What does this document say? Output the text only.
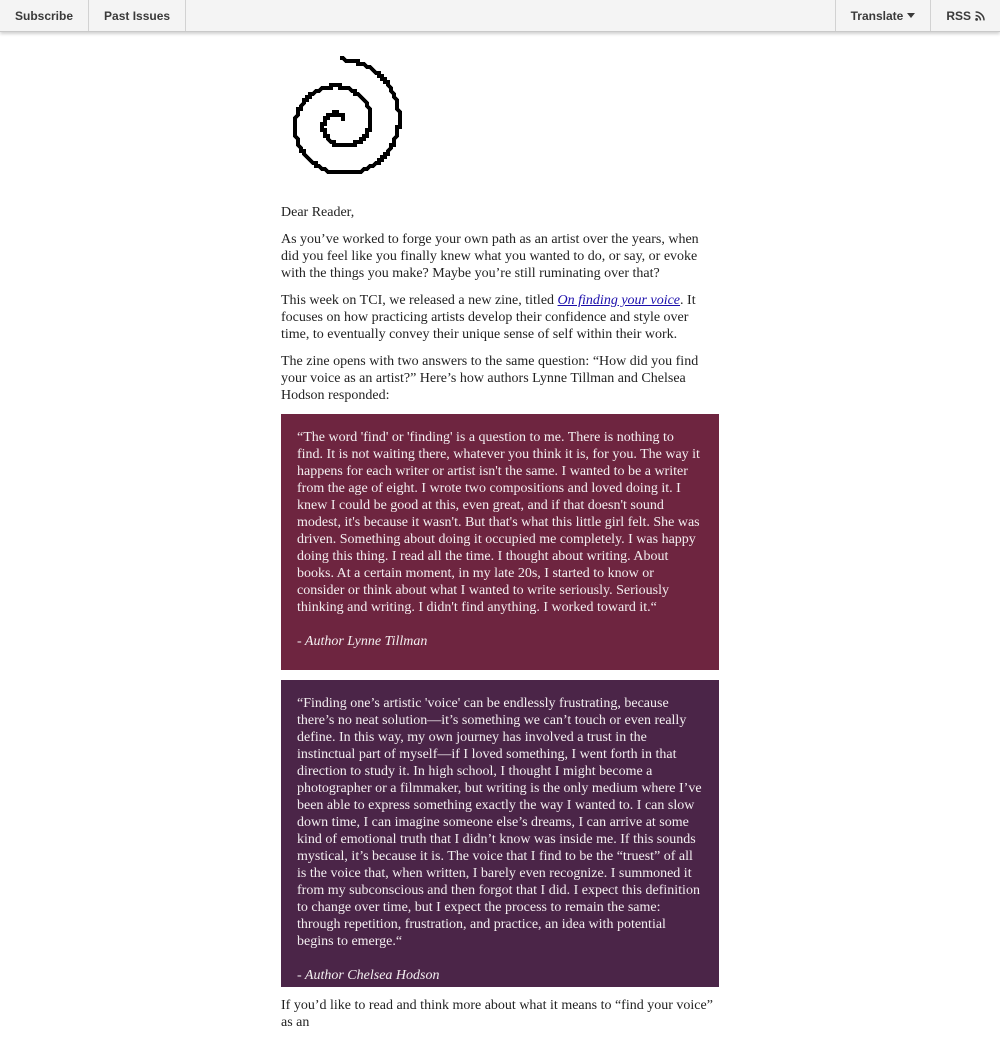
Subscribe	Past Issues	Translate	RSS

Dear Reader,

As you’ve worked to forge your own path as an artist over the years, when did you feel like you finally knew what you wanted to do, or say, or evoke with the things you make? Maybe you’re still ruminating over that?

This week on TCI, we released a new zine, titled On finding your voice. It focuses on how practicing artists develop their confidence and style over time, to eventually convey their unique sense of self within their work.

The zine opens with two answers to the same question: “How did you find your voice as an artist?” Here’s how authors Lynne Tillman and Chelsea Hodson responded:

“The word 'find' or 'finding' is a question to me. There is nothing to find. It is not waiting there, whatever you think it is, for you. The way it happens for each writer or artist isn't the same. I wanted to be a writer from the age of eight. I wrote two compositions and loved doing it. I knew I could be good at this, even great, and if that doesn't sound modest, it's because it wasn't. But that's what this little girl felt. She was driven. Something about doing it occupied me completely. I was happy doing this thing. I read all the time. I thought about writing. About books. At a certain moment, in my late 20s, I started to know or consider or think about what I wanted to write seriously. Seriously thinking and writing. I didn't find anything. I worked toward it.“

- Author Lynne Tillman

“Finding one’s artistic 'voice' can be endlessly frustrating, because there’s no neat solution—it’s something we can’t touch or even really define. In this way, my own journey has involved a trust in the instinctual part of myself—if I loved something, I went forth in that direction to study it. In high school, I thought I might become a photographer or a filmmaker, but writing is the only medium where I’ve been able to express something exactly the way I wanted to. I can slow down time, I can imagine someone else’s dreams, I can arrive at some kind of emotional truth that I didn’t know was inside me. If this sounds mystical, it’s because it is. The voice that I find to be the “truest” of all is the voice that, when written, I barely even recognize. I summoned it from my subconscious and then forgot that I did. I expect this definition to change over time, but I expect the process to remain the same: through repetition, frustration, and practice, an idea with potential begins to emerge.“

- Author Chelsea Hodson

If you’d like to read and think more about what it means to “find your voice” as an
